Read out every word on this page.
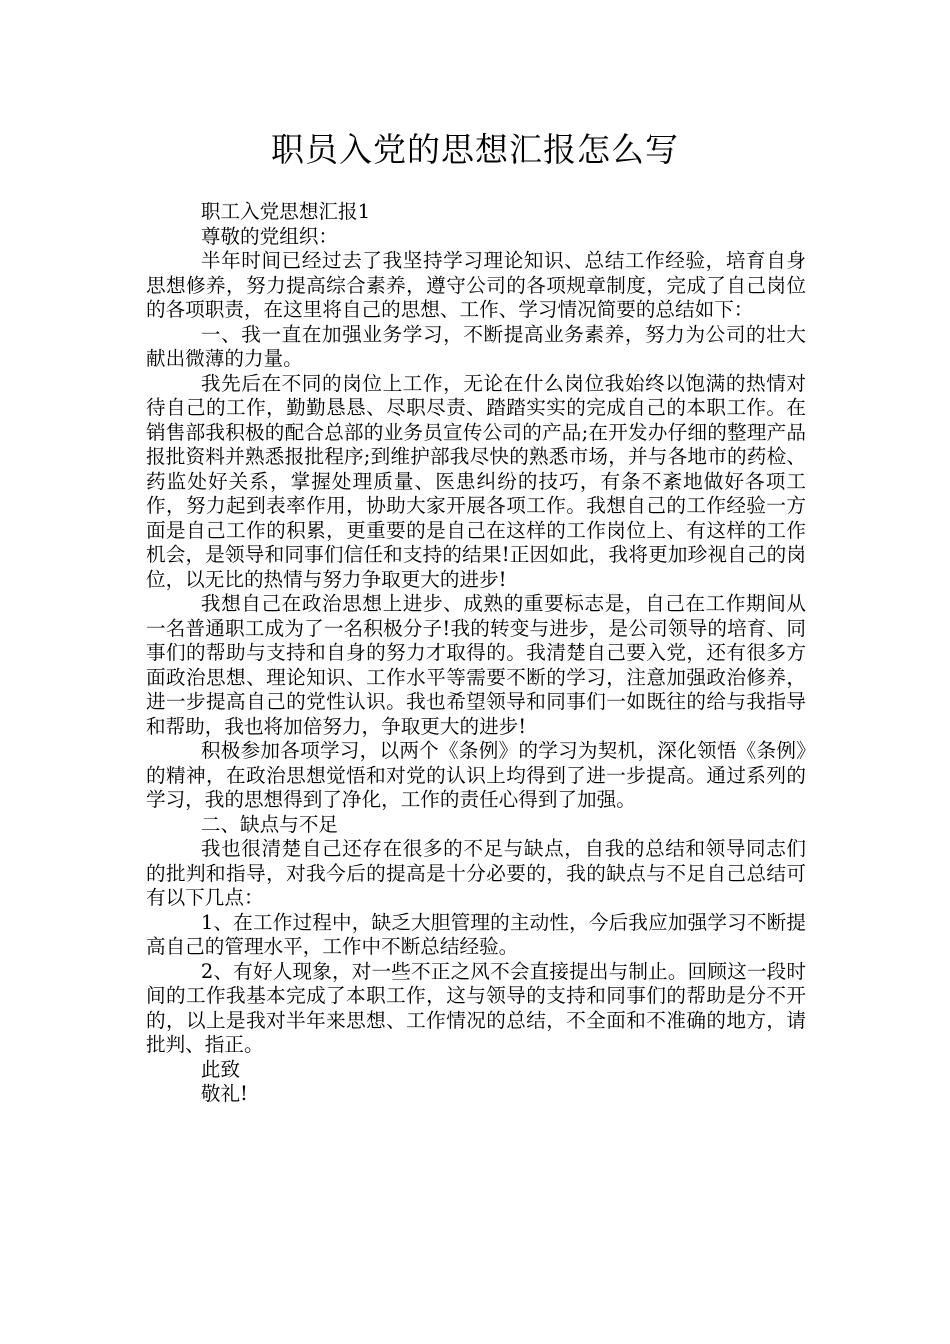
职员入党的思想汇报怎么写

职工入党思想汇报1

尊敬的党组织：

半年时间已经过去了我坚持学习理论知识、总结工作经验，培育自身思想修养，努力提高综合素养，遵守公司的各项规章制度，完成了自己岗位的各项职责，在这里将自己的思想、工作、学习情况简要的总结如下：

一、我一直在加强业务学习，不断提高业务素养，努力为公司的壮大献出微薄的力量。

我先后在不同的岗位上工作，无论在什么岗位我始终以饱满的热情对待自己的工作，勤勤恳恳、尽职尽责、踏踏实实的完成自己的本职工作。在销售部我积极的配合总部的业务员宣传公司的产品;在开发办仔细的整理产品报批资料并熟悉报批程序;到维护部我尽快的熟悉市场，并与各地市的药检、药监处好关系，掌握处理质量、医患纠纷的技巧，有条不紊地做好各项工作，努力起到表率作用，协助大家开展各项工作。我想自己的工作经验一方面是自己工作的积累，更重要的是自己在这样的工作岗位上、有这样的工作机会，是领导和同事们信任和支持的结果!正因如此，我将更加珍视自己的岗位，以无比的热情与努力争取更大的进步!

我想自己在政治思想上进步、成熟的重要标志是，自己在工作期间从一名普通职工成为了一名积极分子!我的转变与进步，是公司领导的培育、同事们的帮助与支持和自身的努力才取得的。我清楚自己要入党，还有很多方面政治思想、理论知识、工作水平等需要不断的学习，注意加强政治修养，进一步提高自己的党性认识。我也希望领导和同事们一如既往的给与我指导和帮助，我也将加倍努力，争取更大的进步!

积极参加各项学习，以两个《条例》的学习为契机，深化领悟《条例》的精神，在政治思想觉悟和对党的认识上均得到了进一步提高。通过系列的学习，我的思想得到了净化，工作的责任心得到了加强。

二、缺点与不足

我也很清楚自己还存在很多的不足与缺点，自我的总结和领导同志们的批判和指导，对我今后的提高是十分必要的，我的缺点与不足自己总结可有以下几点：

1、在工作过程中，缺乏大胆管理的主动性，今后我应加强学习不断提高自己的管理水平，工作中不断总结经验。

2、有好人现象，对一些不正之风不会直接提出与制止。回顾这一段时间的工作我基本完成了本职工作，这与领导的支持和同事们的帮助是分不开的，以上是我对半年来思想、工作情况的总结，不全面和不准确的地方，请批判、指正。

此致

敬礼!
